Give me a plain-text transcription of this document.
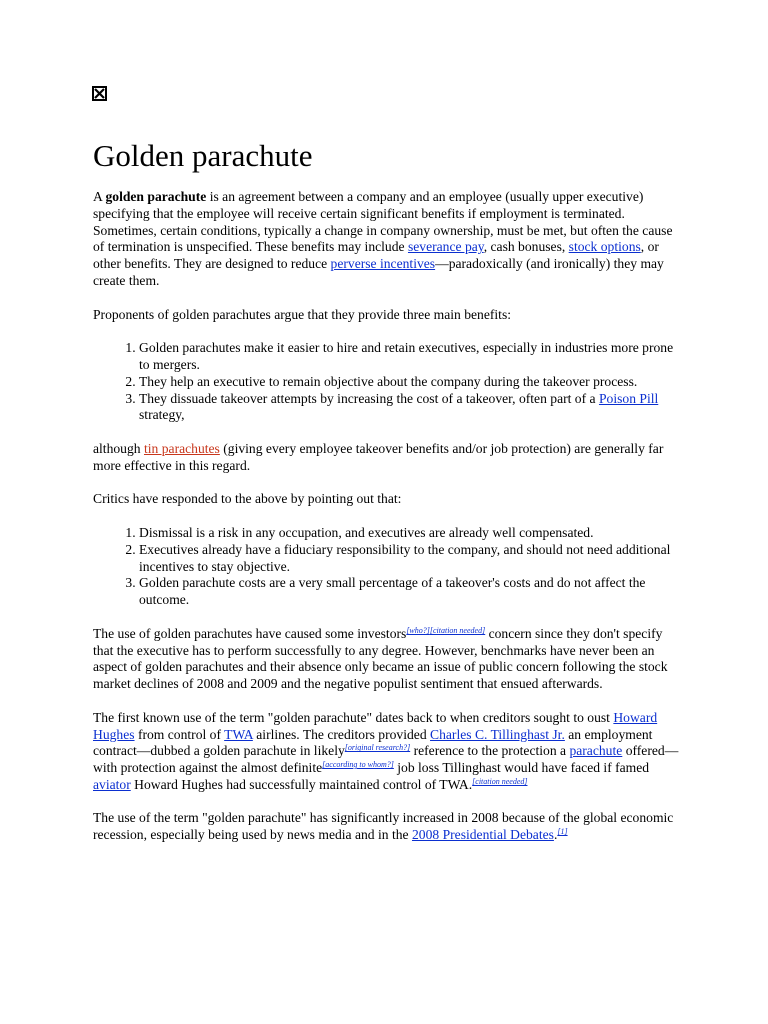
Golden parachute

A golden parachute is an agreement between a company and an employee (usually upper executive) specifying that the employee will receive certain significant benefits if employment is terminated. Sometimes, certain conditions, typically a change in company ownership, must be met, but often the cause of termination is unspecified. These benefits may include severance pay, cash bonuses, stock options, or other benefits. They are designed to reduce perverse incentives—paradoxically (and ironically) they may create them.

Proponents of golden parachutes argue that they provide three main benefits:

1. Golden parachutes make it easier to hire and retain executives, especially in industries more prone to mergers.
2. They help an executive to remain objective about the company during the takeover process.
3. They dissuade takeover attempts by increasing the cost of a takeover, often part of a Poison Pill strategy,

although tin parachutes (giving every employee takeover benefits and/or job protection) are generally far more effective in this regard.

Critics have responded to the above by pointing out that:

1. Dismissal is a risk in any occupation, and executives are already well compensated.
2. Executives already have a fiduciary responsibility to the company, and should not need additional incentives to stay objective.
3. Golden parachute costs are a very small percentage of a takeover's costs and do not affect the outcome.

The use of golden parachutes have caused some investors[who?][citation needed] concern since they don't specify that the executive has to perform successfully to any degree. However, benchmarks have never been an aspect of golden parachutes and their absence only became an issue of public concern following the stock market declines of 2008 and 2009 and the negative populist sentiment that ensued afterwards.

The first known use of the term "golden parachute" dates back to when creditors sought to oust Howard Hughes from control of TWA airlines. The creditors provided Charles C. Tillinghast Jr. an employment contract—dubbed a golden parachute in likely[original research?] reference to the protection a parachute offered—with protection against the almost definite[according to whom?] job loss Tillinghast would have faced if famed aviator Howard Hughes had successfully maintained control of TWA.[citation needed]

The use of the term "golden parachute" has significantly increased in 2008 because of the global economic recession, especially being used by news media and in the 2008 Presidential Debates.[1]
